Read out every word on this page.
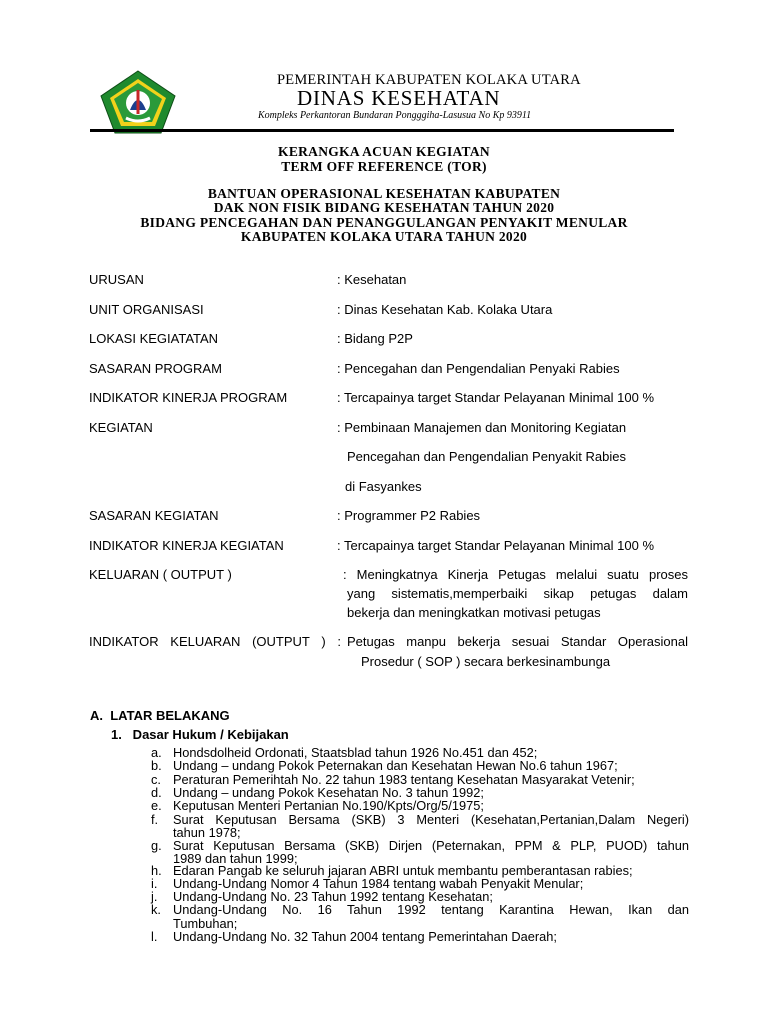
PEMERINTAH KABUPATEN KOLAKA UTARA
DINAS KESEHATAN
Kompleks Perkantoran Bundaran Pongggiha-Lasusua No Kp 93911
KERANGKA ACUAN KEGIATAN
TERM OFF REFERENCE (TOR)
BANTUAN OPERASIONAL KESEHATAN KABUPATEN
DAK NON FISIK BIDANG KESEHATAN TAHUN 2020
BIDANG PENCEGAHAN DAN PENANGGULANGAN PENYAKIT MENULAR
KABUPATEN KOLAKA UTARA TAHUN 2020
URUSAN	: Kesehatan
UNIT ORGANISASI	: Dinas Kesehatan Kab. Kolaka Utara
LOKASI KEGIATATAN	: Bidang P2P
SASARAN PROGRAM	: Pencegahan dan Pengendalian Penyaki Rabies
INDIKATOR KINERJA PROGRAM	: Tercapainya target Standar Pelayanan Minimal 100 %
KEGIATAN	: Pembinaan Manajemen dan Monitoring Kegiatan
Pencegahan dan Pengendalian Penyakit Rabies
di Fasyankes
SASARAN KEGIATAN	: Programmer P2 Rabies
INDIKATOR KINERJA KEGIATAN	: Tercapainya target Standar Pelayanan Minimal 100 %
KELUARAN ( OUTPUT )	: Meningkatnya Kinerja Petugas melalui suatu proses
yang sistematis,memperbaiki sikap petugas dalam
bekerja dan meningkatkan motivasi petugas
INDIKATOR KELUARAN (OUTPUT ) : Petugas manpu bekerja sesuai Standar Operasional
Prosedur ( SOP ) secara berkesinambunga
A.  LATAR BELAKANG
1.   Dasar Hukum / Kebijakan
a. Hondsdolheid Ordonati, Staatsblad tahun 1926 No.451 dan 452;
b. Undang – undang Pokok Peternakan dan Kesehatan Hewan No.6 tahun 1967;
c. Peraturan Pemerihtah No. 22 tahun 1983 tentang Kesehatan Masyarakat Vetenir;
d. Undang – undang Pokok Kesehatan No. 3 tahun 1992;
e. Keputusan Menteri Pertanian No.190/Kpts/Org/5/1975;
f. Surat Keputusan Bersama (SKB) 3 Menteri (Kesehatan,Pertanian,Dalam Negeri)
tahun 1978;
g. Surat Keputusan Bersama (SKB) Dirjen (Peternakan, PPM & PLP, PUOD) tahun
1989 dan tahun 1999;
h. Edaran Pangab ke seluruh jajaran ABRI untuk membantu pemberantasan rabies;
i. Undang-Undang Nomor 4 Tahun 1984 tentang wabah Penyakit Menular;
j. Undang-Undang No. 23 Tahun 1992 tentang Kesehatan;
k. Undang-Undang No. 16 Tahun 1992 tentang Karantina Hewan, Ikan dan
Tumbuhan;
l. Undang-Undang No. 32 Tahun 2004 tentang Pemerintahan Daerah;
